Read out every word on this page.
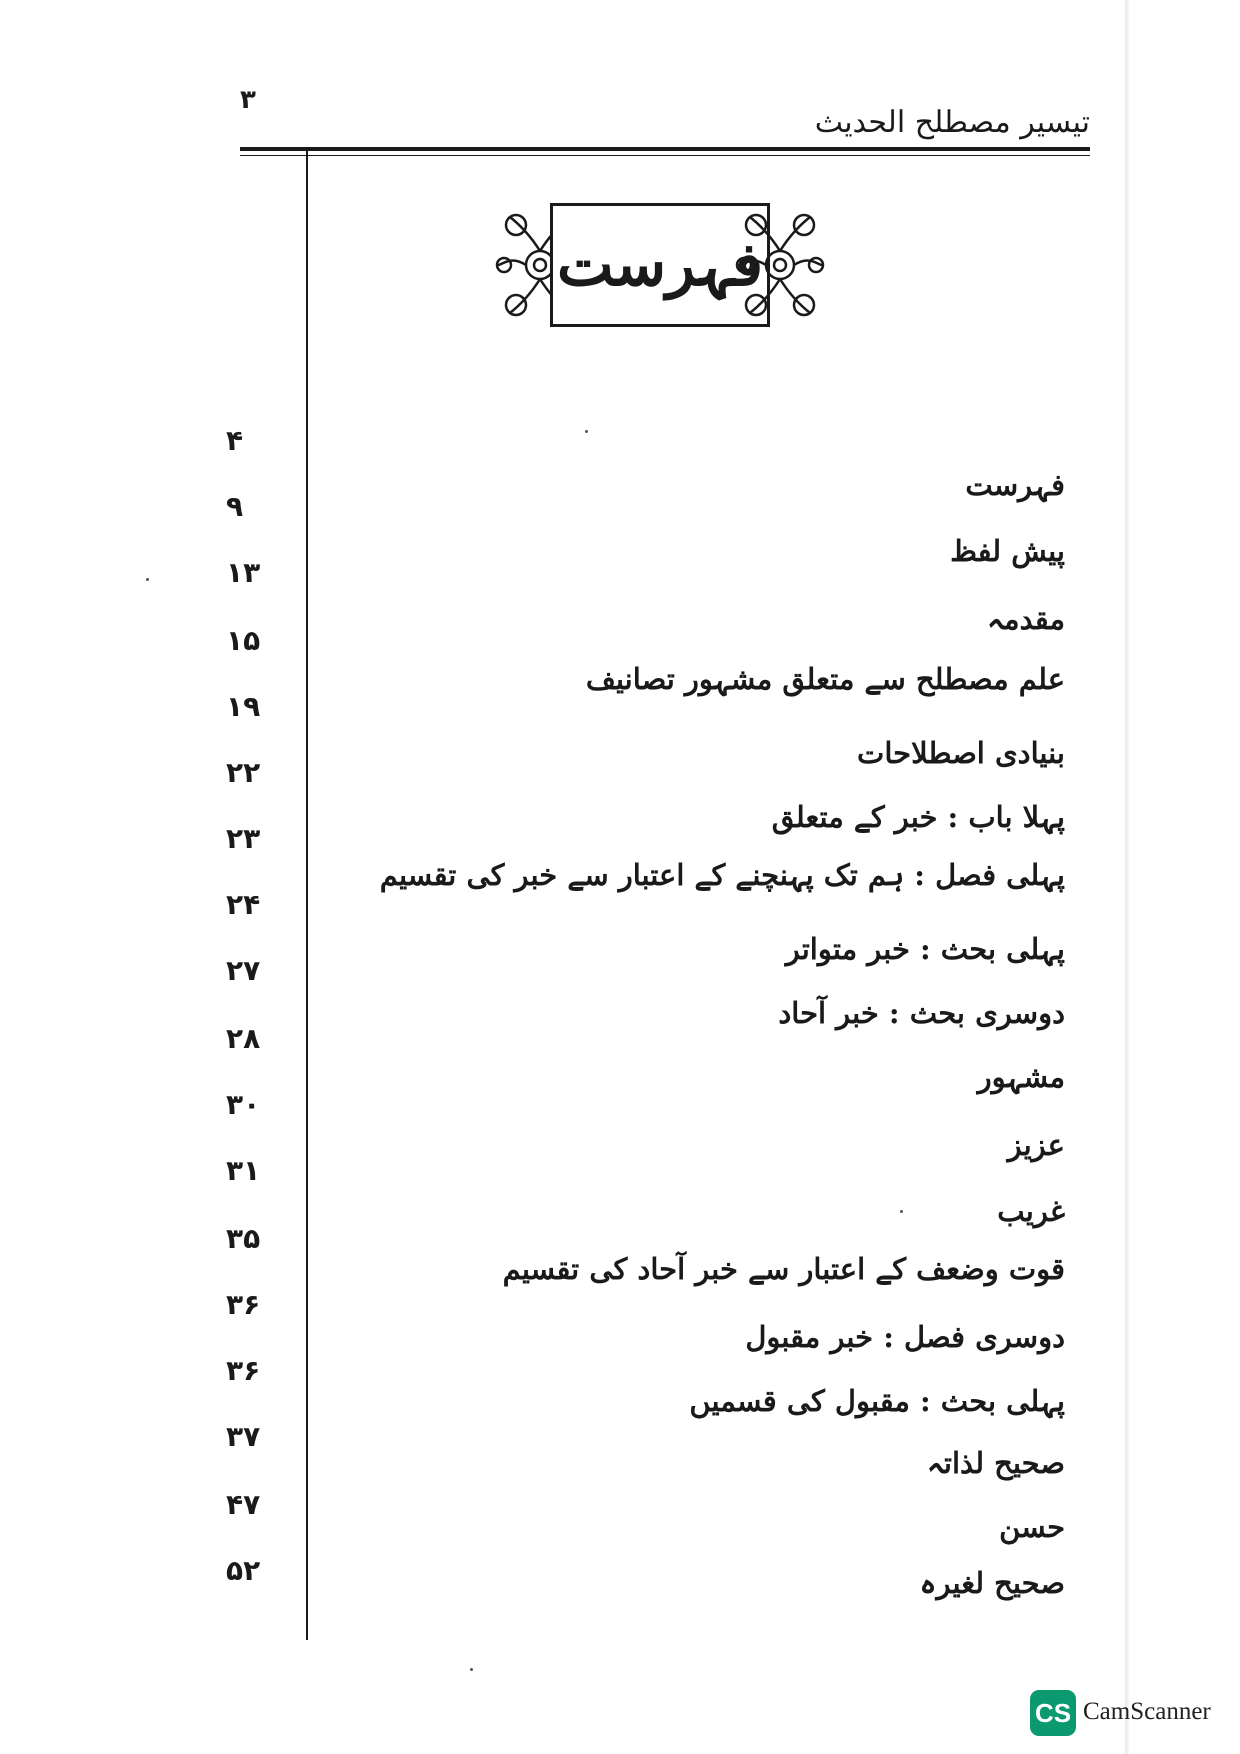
۳
تیسیر مصطلح الحدیث
فہرست
فہرست
۴
پیش لفظ
۹
مقدمہ
۱۳
علم مصطلح سے متعلق مشہور تصانیف
۱۵
بنیادی اصطلاحات
۱۹
پہلا باب : خبر کے متعلق
۲۲
پہلی فصل : ہم تک پہنچنے کے اعتبار سے خبر کی تقسیم
۲۳
پہلی بحث : خبر متواتر
۲۴
دوسری بحث : خبر آحاد
۲۷
مشہور
۲۸
عزیز
۳۰
غریب
۳۱
قوت وضعف کے اعتبار سے خبر آحاد کی تقسیم
۳۵
دوسری فصل : خبر مقبول
۳۶
پہلی بحث : مقبول کی قسمیں
۳۶
صحیح لذاتہ
۳۷
حسن
۴۷
صحیح لغیرہ
۵۲
CS CamScanner
